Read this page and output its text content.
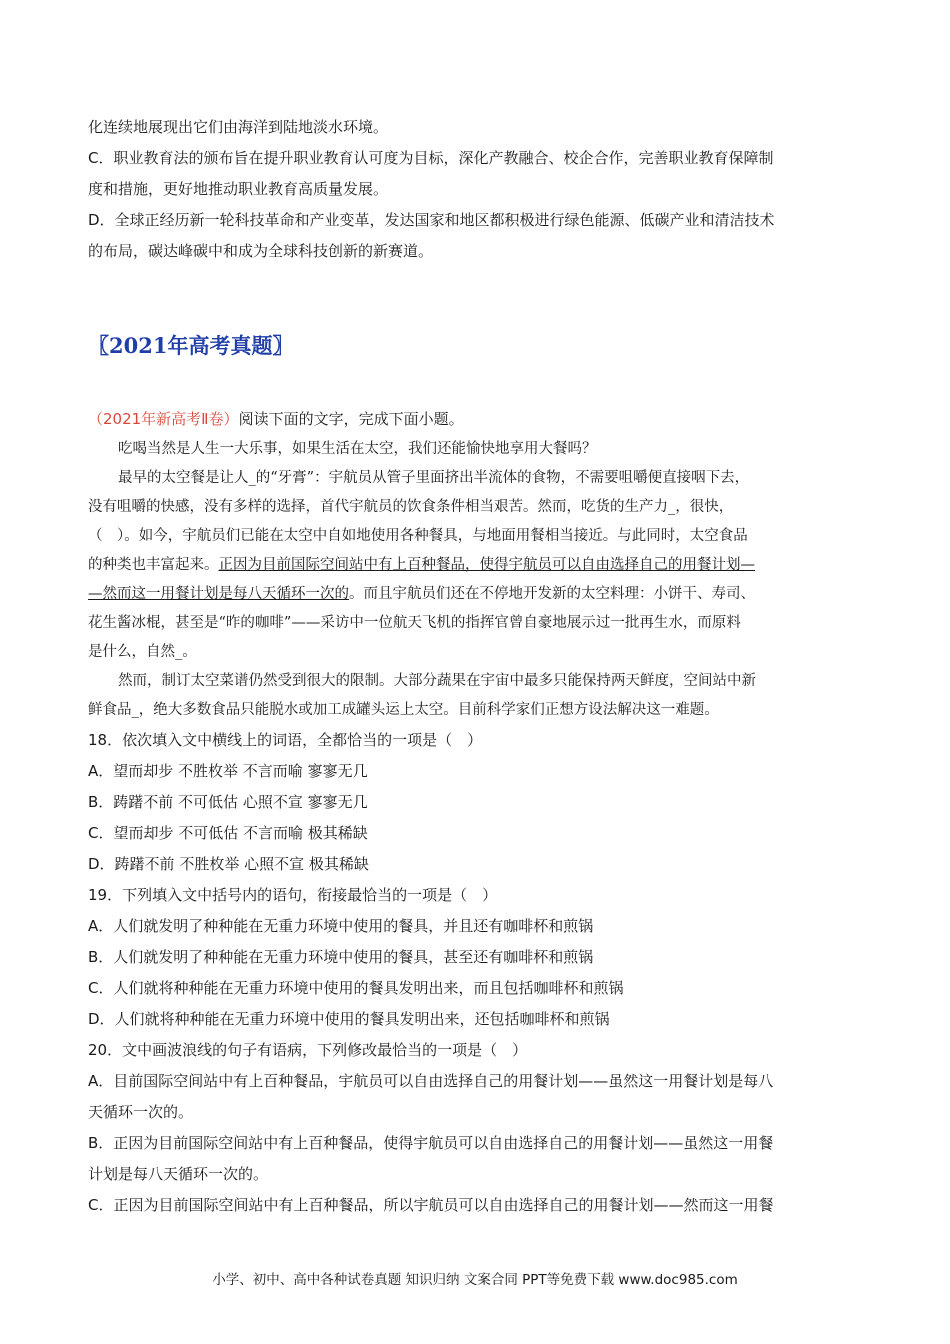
化连续地展现出它们由海洋到陆地淡水环境。
C．职业教育法的颁布旨在提升职业教育认可度为目标，深化产教融合、校企合作，完善职业教育保障制
度和措施，更好地推动职业教育高质量发展。
D．全球正经历新一轮科技革命和产业变革，发达国家和地区都积极进行绿色能源、低碳产业和清洁技术
的布局，碳达峰碳中和成为全球科技创新的新赛道。
〖2021年高考真题〗
（2021年新高考Ⅱ卷）阅读下面的文字，完成下面小题。
吃喝当然是人生一大乐事，如果生活在太空，我们还能愉快地享用大餐吗？
最早的太空餐是让人_的“牙膏”：宇航员从管子里面挤出半流体的食物，不需要咀嚼便直接咽下去，
没有咀嚼的快感，没有多样的选择，首代宇航员的饮食条件相当艰苦。然而，吃货的生产力_，很快，
（　）。如今，宇航员们已能在太空中自如地使用各种餐具，与地面用餐相当接近。与此同时，太空食品
的种类也丰富起来。正因为目前国际空间站中有上百种餐品，使得宇航员可以自由选择自己的用餐计划—
—然而这一用餐计划是每八天循环一次的。而且宇航员们还在不停地开发新的太空料理：小饼干、寿司、
花生酱冰棍，甚至是“昨的咖啡”——采访中一位航天飞机的指挥官曾自豪地展示过一批再生水，而原料
是什么，自然_。
然而，制订太空菜谱仍然受到很大的限制。大部分蔬果在宇宙中最多只能保持两天鲜度，空间站中新
鲜食品_，绝大多数食品只能脱水或加工成罐头运上太空。目前科学家们正想方设法解决这一难题。
18．依次填入文中横线上的词语，全都恰当的一项是（　）
A．望而却步 不胜枚举 不言而喻 寥寥无几
B．踌躇不前 不可低估 心照不宣 寥寥无几
C．望而却步 不可低估 不言而喻 极其稀缺
D．踌躇不前 不胜枚举 心照不宣 极其稀缺
19．下列填入文中括号内的语句，衔接最恰当的一项是（　）
A．人们就发明了种种能在无重力环境中使用的餐具，并且还有咖啡杯和煎锅
B．人们就发明了种种能在无重力环境中使用的餐具，甚至还有咖啡杯和煎锅
C．人们就将种种能在无重力环境中使用的餐具发明出来，而且包括咖啡杯和煎锅
D．人们就将种种能在无重力环境中使用的餐具发明出来，还包括咖啡杯和煎锅
20．文中画波浪线的句子有语病，下列修改最恰当的一项是（　）
A．目前国际空间站中有上百种餐品，宇航员可以自由选择自己的用餐计划——虽然这一用餐计划是每八
天循环一次的。
B．正因为目前国际空间站中有上百种餐品，使得宇航员可以自由选择自己的用餐计划——虽然这一用餐
计划是每八天循环一次的。
C．正因为目前国际空间站中有上百种餐品，所以宇航员可以自由选择自己的用餐计划——然而这一用餐
小学、初中、高中各种试卷真题 知识归纳 文案合同 PPT等免费下载 www.doc985.com
